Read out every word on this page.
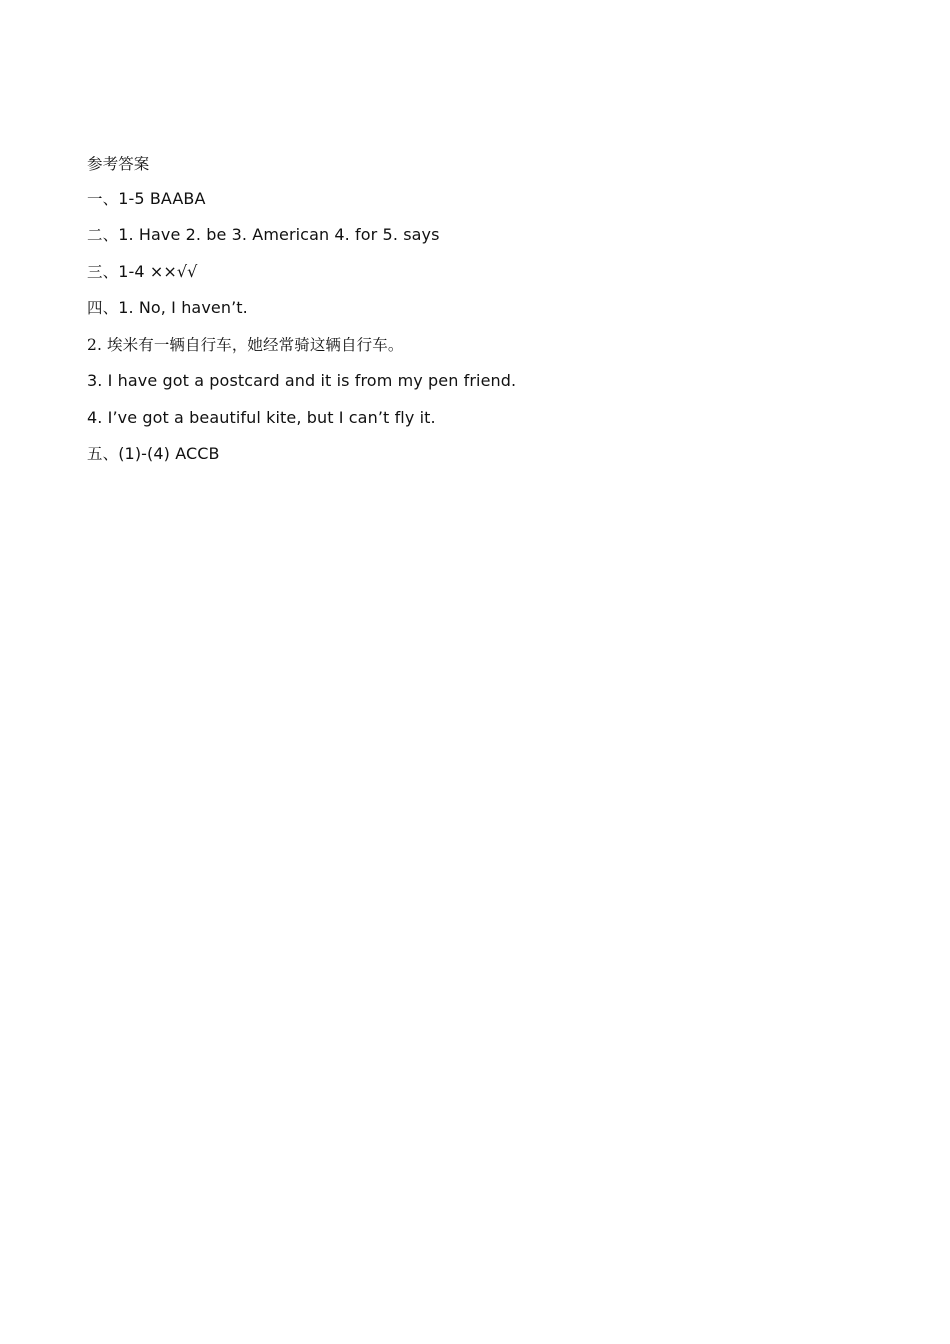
参考答案
一、1-5 BAABA
二、1. Have 2. be 3. American 4. for 5. says
三、1-4 ××√√
四、1. No, I haven’t.
2. 埃米有一辆自行车，她经常骑这辆自行车。
3. I have got a postcard and it is from my pen friend.
4. I’ve got a beautiful kite, but I can’t fly it.
五、(1)-(4) ACCB
